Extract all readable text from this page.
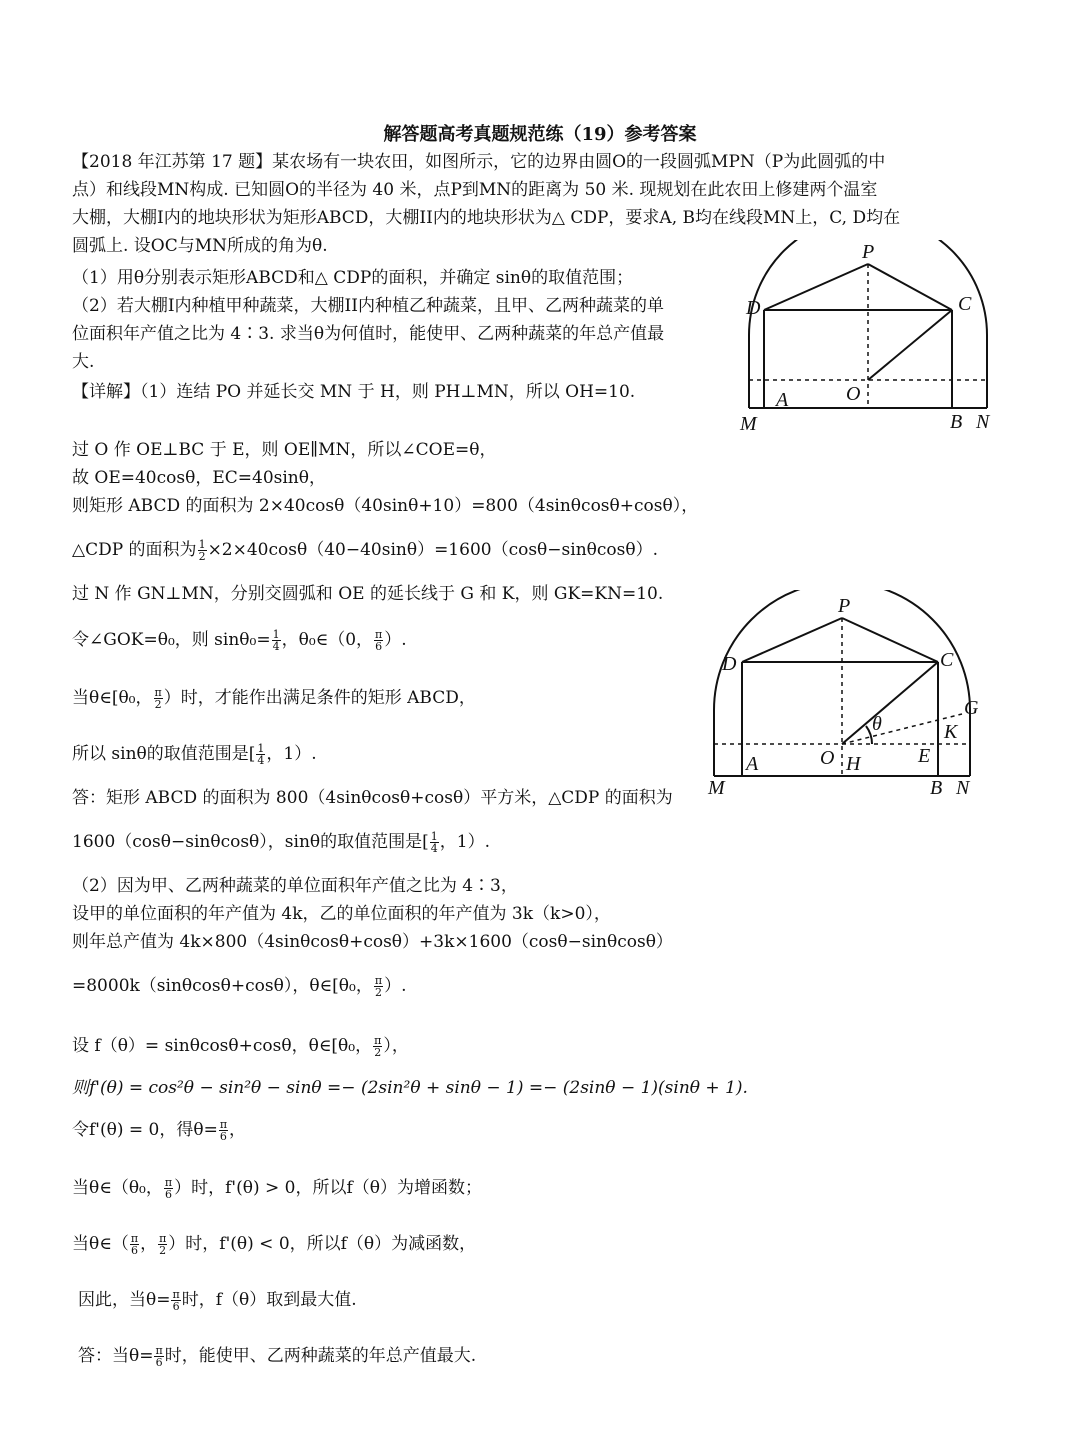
解答题高考真题规范练（19）参考答案
【2018 年江苏第 17 题】某农场有一块农田，如图所示，它的边界由圆O的一段圆弧MPN（P为此圆弧的中
点）和线段MN构成. 已知圆O的半径为 40 米，点P到MN的距离为 50 米. 现规划在此农田上修建两个温室
大棚，大棚I内的地块形状为矩形ABCD，大棚II内的地块形状为△ CDP，要求A, B均在线段MN上，C, D均在
圆弧上. 设OC与MN所成的角为θ.
（1）用θ分别表示矩形ABCD和△ CDP的面积，并确定 sinθ的取值范围；
（2）若大棚I内种植甲种蔬菜，大棚II内种植乙种蔬菜，且甲、乙两种蔬菜的单
位面积年产值之比为 4∶3. 求当θ为何值时，能使甲、乙两种蔬菜的年总产值最
大.
【详解】（1）连结 PO 并延长交 MN 于 H，则 PH⊥MN，所以 OH=10.
过 O 作 OE⊥BC 于 E，则 OE∥MN，所以∠COE=θ，
故 OE=40cosθ，EC=40sinθ，
则矩形 ABCD 的面积为 2×40cosθ（40sinθ+10）=800（4sinθcosθ+cosθ），
△CDP 的面积为 $\frac{1}{2} \times 2\times 40\cos\theta(40-40\sin\theta)=1600(\cos\theta-\sin\theta\cos\theta)$.
过 N 作 GN⊥MN，分别交圆弧和 OE 的延长线于 G 和 K，则 GK=KN=10.
令∠GOK=θ₀，则 $\sin\theta_0= \frac{1}{4}$ ，θ₀∈（0， $\frac{\pi}{6}$ ）.
当θ∈[θ₀， $\frac{\pi}{2}$ ）时，才能作出满足条件的矩形 ABCD，
所以 sinθ的取值范围是[ $\frac{1}{4}$ ，1）.
答：矩形 ABCD 的面积为 800（4sinθcosθ+cosθ）平方米，△CDP 的面积为
1600（cosθ−sinθcosθ），sinθ的取值范围是[ $\frac{1}{4}$ ，1）.
（2）因为甲、乙两种蔬菜的单位面积年产值之比为 4∶3，
设甲的单位面积的年产值为 4k，乙的单位面积的年产值为 3k（k>0），
则年总产值为 4k×800（4sinθcosθ+cosθ）+3k×1600（cosθ−sinθcosθ）
=8000k（sinθcosθ+cosθ），θ∈[θ₀， $\frac{\pi}{2}$ ）.
设 f（θ）= sinθcosθ+cosθ，θ∈[θ₀， $\frac{\pi}{2}$ ），
则f'(θ) = cos²θ − sin²θ − sinθ =− (2sin²θ + sinθ − 1) =− (2sinθ − 1)(sinθ + 1).
令f'(θ) = 0，得$\theta= \frac{\pi}{6}$ ，
当θ∈（θ₀， $\frac{\pi}{6}$ ）时，f'(θ) > 0，所以f（θ）为增函数；
当θ∈（ $\frac{\pi}{6}$ ， $\frac{\pi}{2}$ ）时，f'(θ) < 0，所以f（θ）为减函数，
因此，当$\theta= \frac{\pi}{6}$ 时，f（θ）取到最大值.
答：当$\theta= \frac{\pi}{6}$ 时，能使甲、乙两种蔬菜的年总产值最大.
P
D	C
O
A
M	B N
P
D	C
G
θ	K
O H	E
A
M	B N
